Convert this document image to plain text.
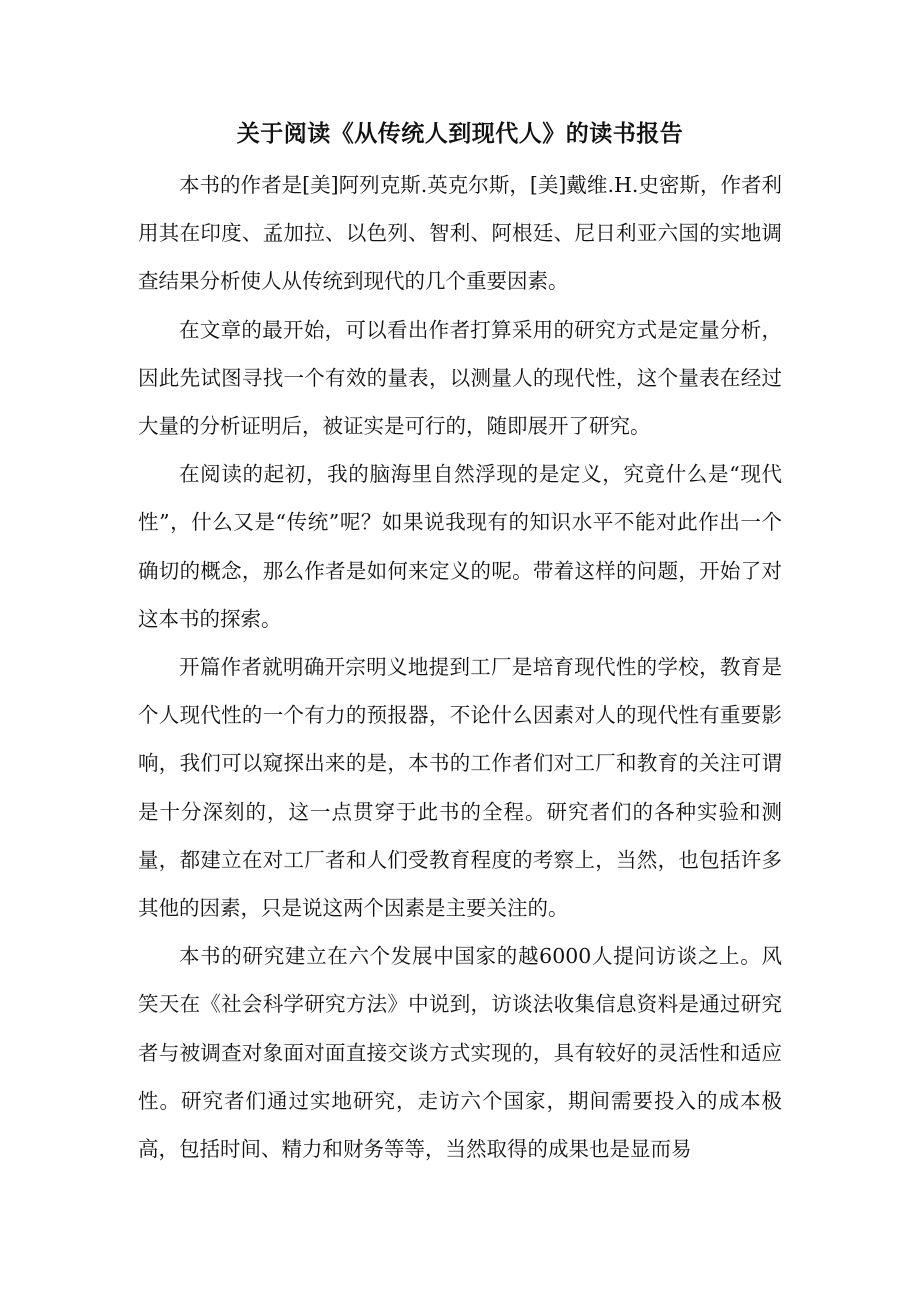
关于阅读《从传统人到现代人》的读书报告

本书的作者是[美]阿列克斯.英克尔斯，[美]戴维.H.史密斯，作者利用其在印度、孟加拉、以色列、智利、阿根廷、尼日利亚六国的实地调查结果分析使人从传统到现代的几个重要因素。

在文章的最开始，可以看出作者打算采用的研究方式是定量分析，因此先试图寻找一个有效的量表，以测量人的现代性，这个量表在经过大量的分析证明后，被证实是可行的，随即展开了研究。

在阅读的起初，我的脑海里自然浮现的是定义，究竟什么是“现代性”，什么又是“传统”呢？如果说我现有的知识水平不能对此作出一个确切的概念，那么作者是如何来定义的呢。带着这样的问题，开始了对这本书的探索。

开篇作者就明确开宗明义地提到工厂是培育现代性的学校，教育是个人现代性的一个有力的预报器，不论什么因素对人的现代性有重要影响，我们可以窥探出来的是，本书的工作者们对工厂和教育的关注可谓是十分深刻的，这一点贯穿于此书的全程。研究者们的各种实验和测量，都建立在对工厂者和人们受教育程度的考察上，当然，也包括许多其他的因素，只是说这两个因素是主要关注的。

本书的研究建立在六个发展中国家的越6000人提问访谈之上。风笑天在《社会科学研究方法》中说到，访谈法收集信息资料是通过研究者与被调查对象面对面直接交谈方式实现的，具有较好的灵活性和适应性。研究者们通过实地研究，走访六个国家，期间需要投入的成本极高，包括时间、精力和财务等等，当然取得的成果也是显而易
